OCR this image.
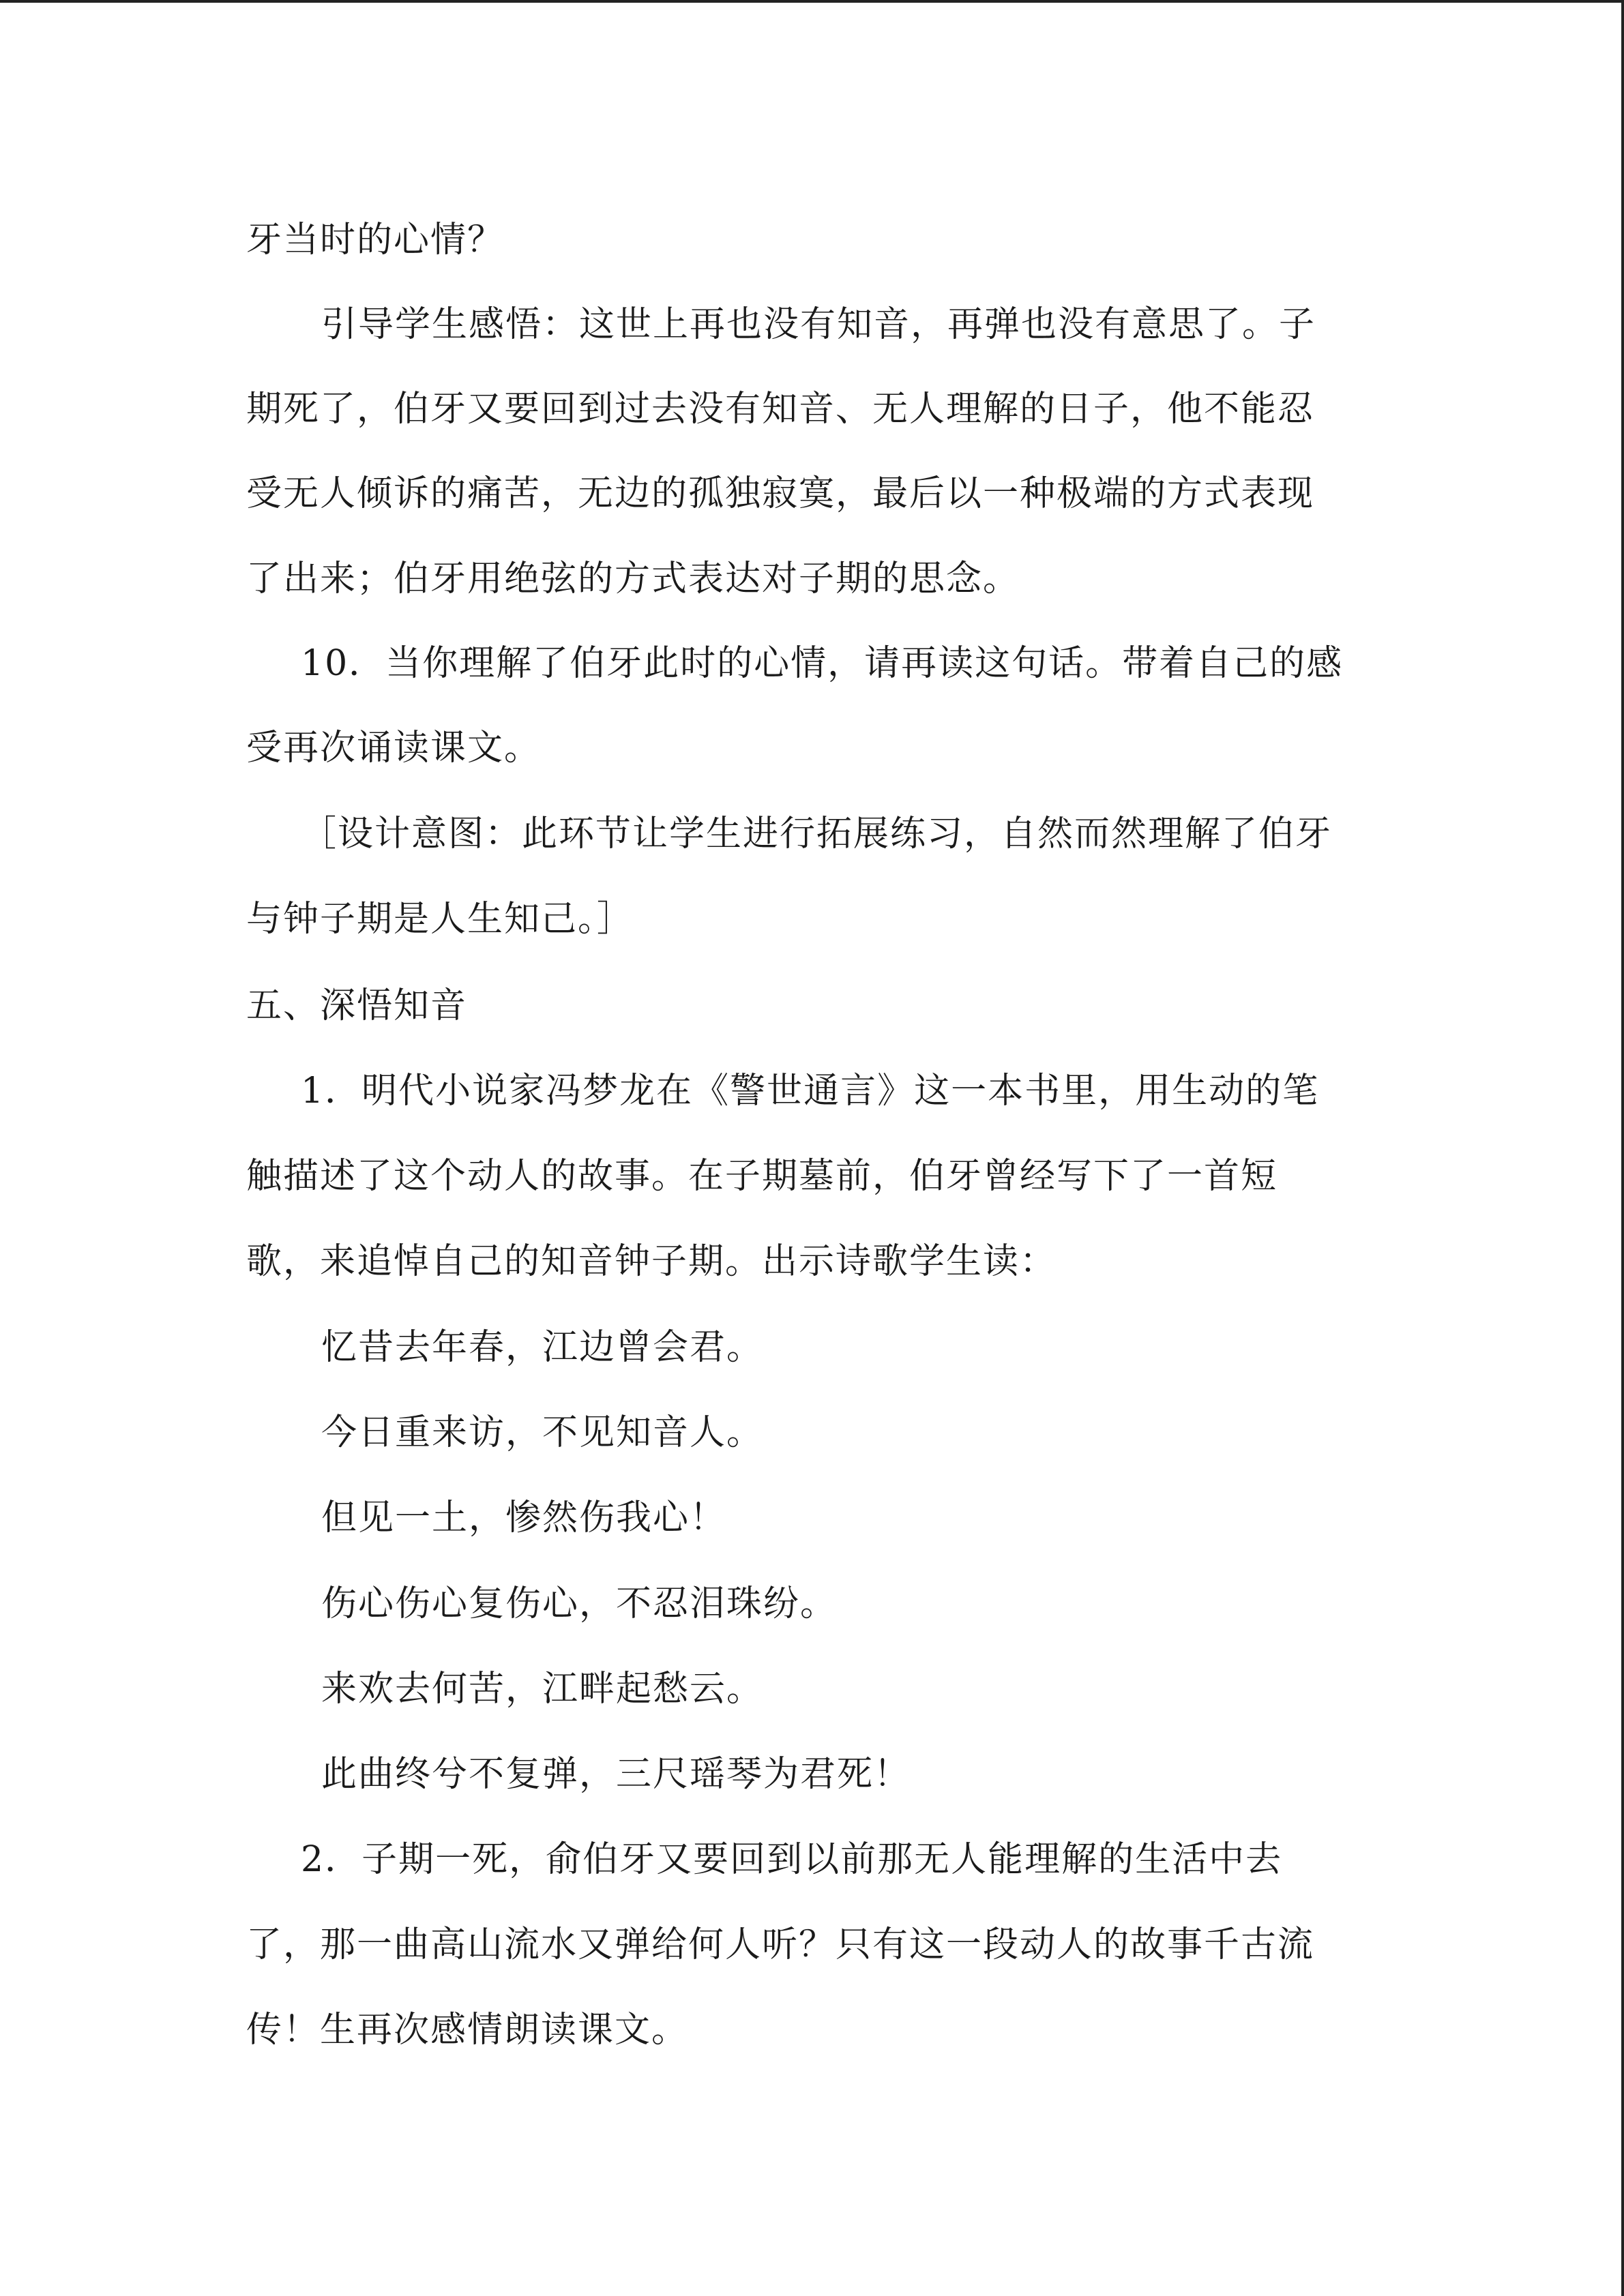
牙当时的心情？
引导学生感悟：这世上再也没有知音，再弹也没有意思了。子
期死了，伯牙又要回到过去没有知音、无人理解的日子，他不能忍
受无人倾诉的痛苦，无边的孤独寂寞，最后以一种极端的方式表现
了出来；伯牙用绝弦的方式表达对子期的思念。
10．当你理解了伯牙此时的心情，请再读这句话。带着自己的感
受再次诵读课文。
［设计意图：此环节让学生进行拓展练习，自然而然理解了伯牙
与钟子期是人生知己。］
五、深悟知音
1．明代小说家冯梦龙在《警世通言》这一本书里，用生动的笔
触描述了这个动人的故事。在子期墓前，伯牙曾经写下了一首短
歌，来追悼自己的知音钟子期。出示诗歌学生读：
忆昔去年春，江边曾会君。
今日重来访，不见知音人。
但见一土，惨然伤我心！
伤心伤心复伤心，不忍泪珠纷。
来欢去何苦，江畔起愁云。
此曲终兮不复弹，三尺瑶琴为君死！
2．子期一死，俞伯牙又要回到以前那无人能理解的生活中去
了，那一曲高山流水又弹给何人听？只有这一段动人的故事千古流
传！生再次感情朗读课文。
